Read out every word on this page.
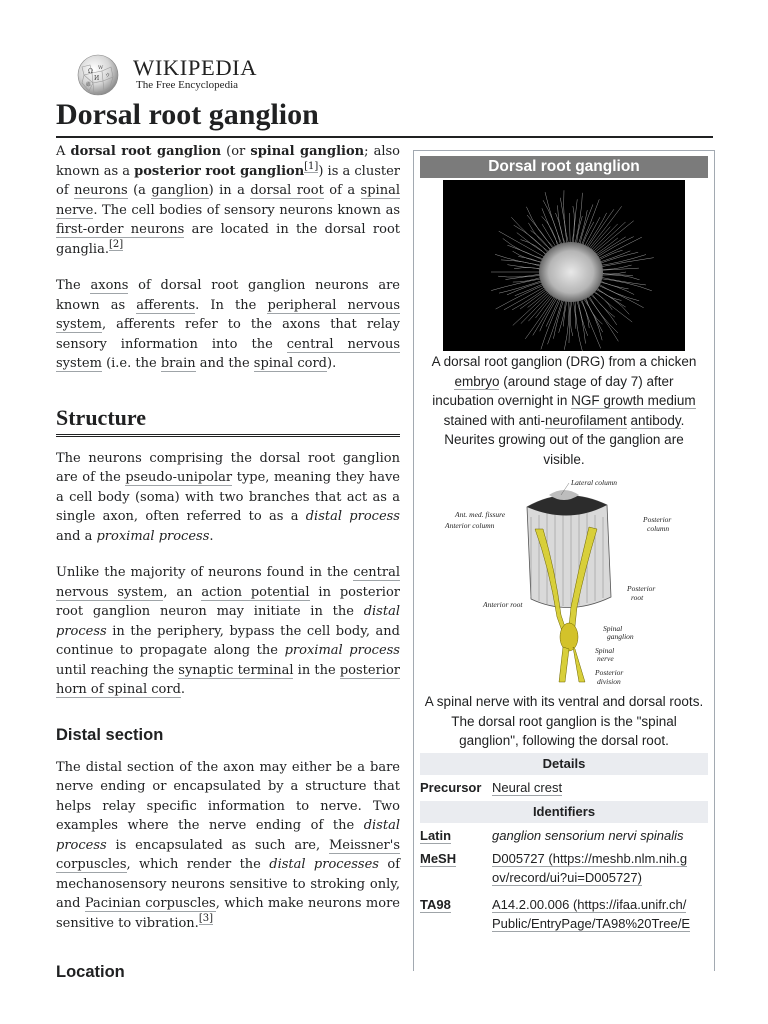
Ω W
И ウ
維
WIKIPEDIA
The Free Encyclopedia
Dorsal root ganglion

A dorsal root ganglion (or spinal ganglion; also known as a posterior root ganglion[1]) is a cluster of neurons (a ganglion) in a dorsal root of a spinal nerve. The cell bodies of sensory neurons known as first-order neurons are located in the dorsal root ganglia.[2]

The axons of dorsal root ganglion neurons are known as afferents. In the peripheral nervous system, afferents refer to the axons that relay sensory information into the central nervous system (i.e. the brain and the spinal cord).

Structure

The neurons comprising the dorsal root ganglion are of the pseudo-unipolar type, meaning they have a cell body (soma) with two branches that act as a single axon, often referred to as a distal process and a proximal process.

Unlike the majority of neurons found in the central nervous system, an action potential in posterior root ganglion neuron may initiate in the distal process in the periphery, bypass the cell body, and continue to propagate along the proximal process until reaching the synaptic terminal in the posterior horn of spinal cord.

Distal section

The distal section of the axon may either be a bare nerve ending or encapsulated by a structure that helps relay specific information to nerve. Two examples where the nerve ending of the distal process is encapsulated as such are, Meissner's corpuscles, which render the distal processes of mechanosensory neurons sensitive to stroking only, and Pacinian corpuscles, which make neurons more sensitive to vibration.[3]

Location
Dorsal root ganglion
A dorsal root ganglion (DRG) from a chicken embryo (around stage of day 7) after incubation overnight in NGF growth medium stained with anti-neurofilament antibody. Neurites growing out of the ganglion are visible.
Lateral column
Ant. med. fissure
Anterior column
Posterior
column
Posterior
root
Anterior root
Spinal
ganglion
Spinal
nerve
Posterior
division
A spinal nerve with its ventral and dorsal roots. The dorsal root ganglion is the "spinal ganglion", following the dorsal root.
Details
Precursor Neural crest
Identifiers
Latin	ganglion sensorium nervi spinalis
MeSH	D005727 (https://meshb.nlm.nih.g
ov/record/ui?ui=D005727)
TA98	A14.2.00.006 (https://ifaa.unifr.ch/
Public/EntryPage/TA98%20Tree/E
